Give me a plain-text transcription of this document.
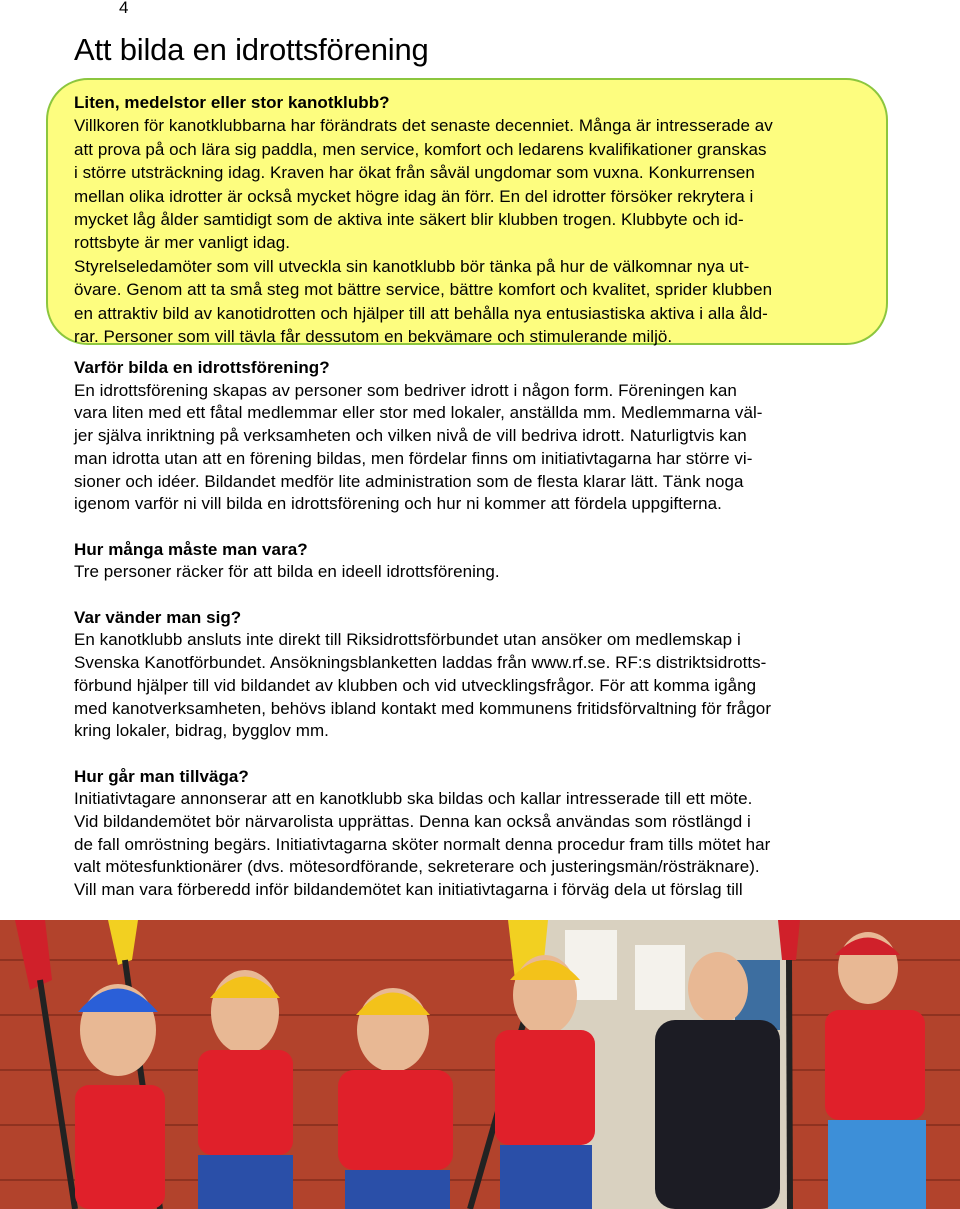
4
Att bilda en idrottsförening
Liten, medelstor eller stor kanotklubb?
Villkoren för kanotklubbarna har förändrats det senaste decenniet. Många är intresserade av
att prova på och lära sig paddla, men service, komfort och ledarens kvalifikationer granskas
i större utsträckning idag. Kraven har ökat från såväl ungdomar som vuxna. Konkurrensen
mellan olika idrotter är också mycket högre idag än förr. En del idrotter försöker rekrytera i
mycket låg ålder samtidigt som de aktiva inte säkert blir klubben trogen. Klubbyte och id-
rottsbyte är mer vanligt idag.
Styrelseledamöter som vill utveckla sin kanotklubb bör tänka på hur de välkomnar nya ut-
övare. Genom att ta små steg mot bättre service, bättre komfort och kvalitet, sprider klubben
en attraktiv bild av kanotidrotten och hjälper till att behålla nya entusiastiska aktiva i alla åld-
rar. Personer som vill tävla får dessutom en bekvämare och stimulerande miljö.
Varför bilda en idrottsförening?
En idrottsförening skapas av personer som bedriver idrott i någon form. Föreningen kan
vara liten med ett fåtal medlemmar eller stor med lokaler, anställda mm. Medlemmarna väl-
jer själva inriktning på verksamheten och vilken nivå de vill bedriva idrott. Naturligtvis kan
man idrotta utan att en förening bildas, men fördelar finns om initiativtagarna har större vi-
sioner och idéer. Bildandet medför lite administration som de flesta klarar lätt. Tänk noga
igenom varför ni vill bilda en idrottsförening och hur ni kommer att fördela uppgifterna.
Hur många måste man vara?
Tre personer räcker för att bilda en ideell idrottsförening.
Var vänder man sig?
En kanotklubb ansluts inte direkt till Riksidrottsförbundet utan ansöker om medlemskap i
Svenska Kanotförbundet. Ansökningsblanketten laddas från www.rf.se. RF:s distriktsidrotts-
förbund hjälper till vid bildandet av klubben och vid utvecklingsfrågor. För att komma igång
med kanotverksamheten, behövs ibland kontakt med kommunens fritidsförvaltning för frågor
kring lokaler, bidrag, bygglov mm.
Hur går man tillväga?
Initiativtagare annonserar att en kanotklubb ska bildas och kallar intresserade till ett möte.
Vid bildandemötet bör närvarolista upprättas. Denna kan också användas som röstlängd i
de fall omröstning begärs. Initiativtagarna sköter normalt denna procedur fram tills mötet har
valt mötesfunktionärer (dvs. mötesordförande, sekreterare och justeringsmän/rösträknare).
Vill man vara förberedd inför bildandemötet kan initiativtagarna i förväg dela ut förslag till
